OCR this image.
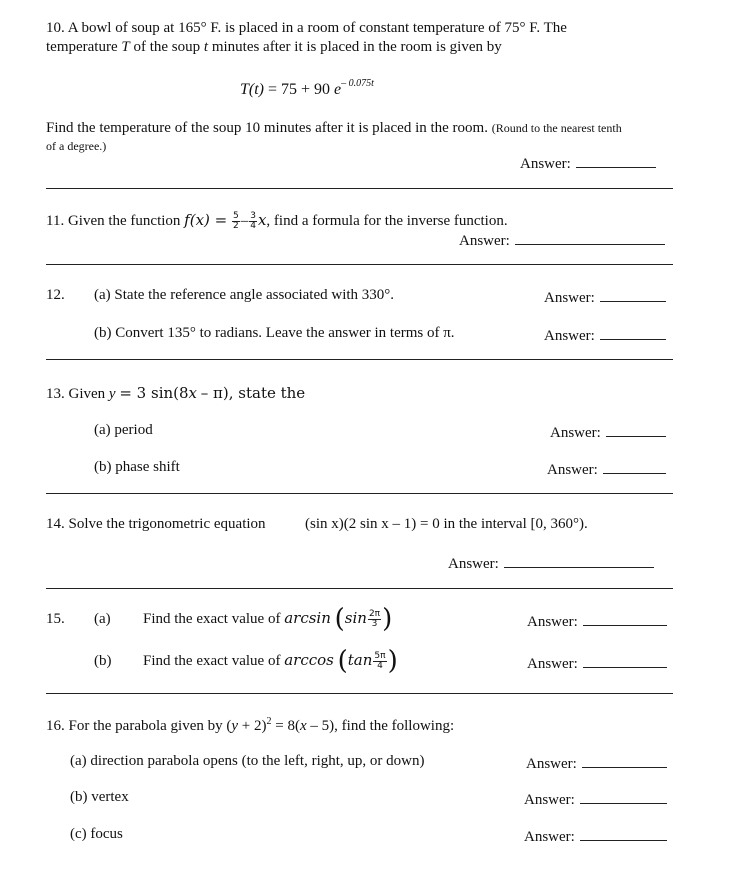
10. A bowl of soup at 165° F. is placed in a room of constant temperature of 75° F. The
temperature T of the soup t minutes after it is placed in the room is given by
T(t) = 75 + 90 $e^{- 0.075t}$
Find the temperature of the soup 10 minutes after it is placed in the room. (Round to the nearest tenth
of a degree.)
Answer:
11. Given the function $f(x) = \frac{5}{2} - \frac{3}{4} x$, find a formula for the inverse function.
Answer:
12. (a) State the reference angle associated with 330°.	Answer:
(b) Convert 135° to radians. Leave the answer in terms of π.	Answer:
13. Given y = 3 sin(8x – π), state the
(a) period	Answer:
(b) phase shift	Answer:
14. Solve the trigonometric equation	(sin x)(2 sin x – 1) = 0 in the interval [0, 360°).
Answer:
15. (a) Find the exact value of $\arcsin (\sin \frac{2\pi}{3}$ )	Answer:
(b) Find the exact value of $\arccos (\tan \frac{5\pi}{4}$ )	Answer:
16. For the parabola given by $(y + 2)^2 = 8(x - 5)$, find the following:
(a) direction parabola opens (to the left, right, up, or down)	Answer:
(b) vertex	Answer:
(c) focus	Answer:
